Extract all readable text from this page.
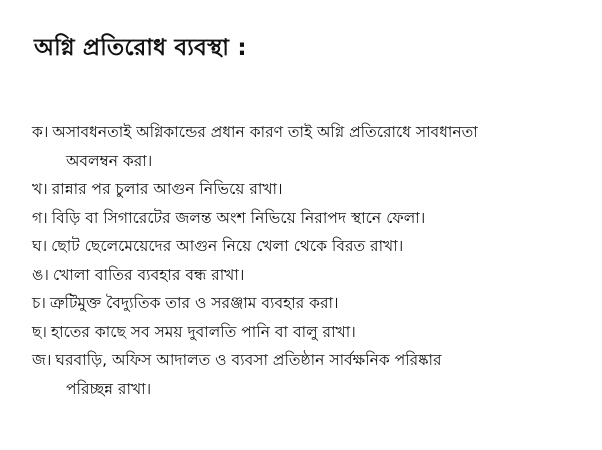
অগ্নি প্রতিরোধ ব্যবস্থা :
ক। অসাবধনতাই অগ্নিকান্ডের প্রধান কারণ তাই অগ্নি প্রতিরোধে সাবধানতা
অবলম্বন করা।
খ। রান্নার পর চুলার আগুন নিভিয়ে রাখা।
গ। বিড়ি বা সিগারেটের জলন্ত অংশ নিভিয়ে নিরাপদ স্থানে ফেলা।
ঘ। ছোট ছেলেমেয়েদের আগুন নিয়ে খেলা থেকে বিরত রাখা।
ঙ। খোলা বাতির ব্যবহার বন্ধ রাখা।
চ। ত্রুটিমুক্ত বৈদ্যুতিক তার ও সরঞ্জাম ব্যবহার করা।
ছ। হাতের কাছে সব সময় দুবালতি পানি বা বালু রাখা।
জ। ঘরবাড়ি, অফিস আদালত ও ব্যবসা প্রতিষ্ঠান সার্বক্ষনিক পরিষ্কার
পরিচ্ছন্ন রাখা।
